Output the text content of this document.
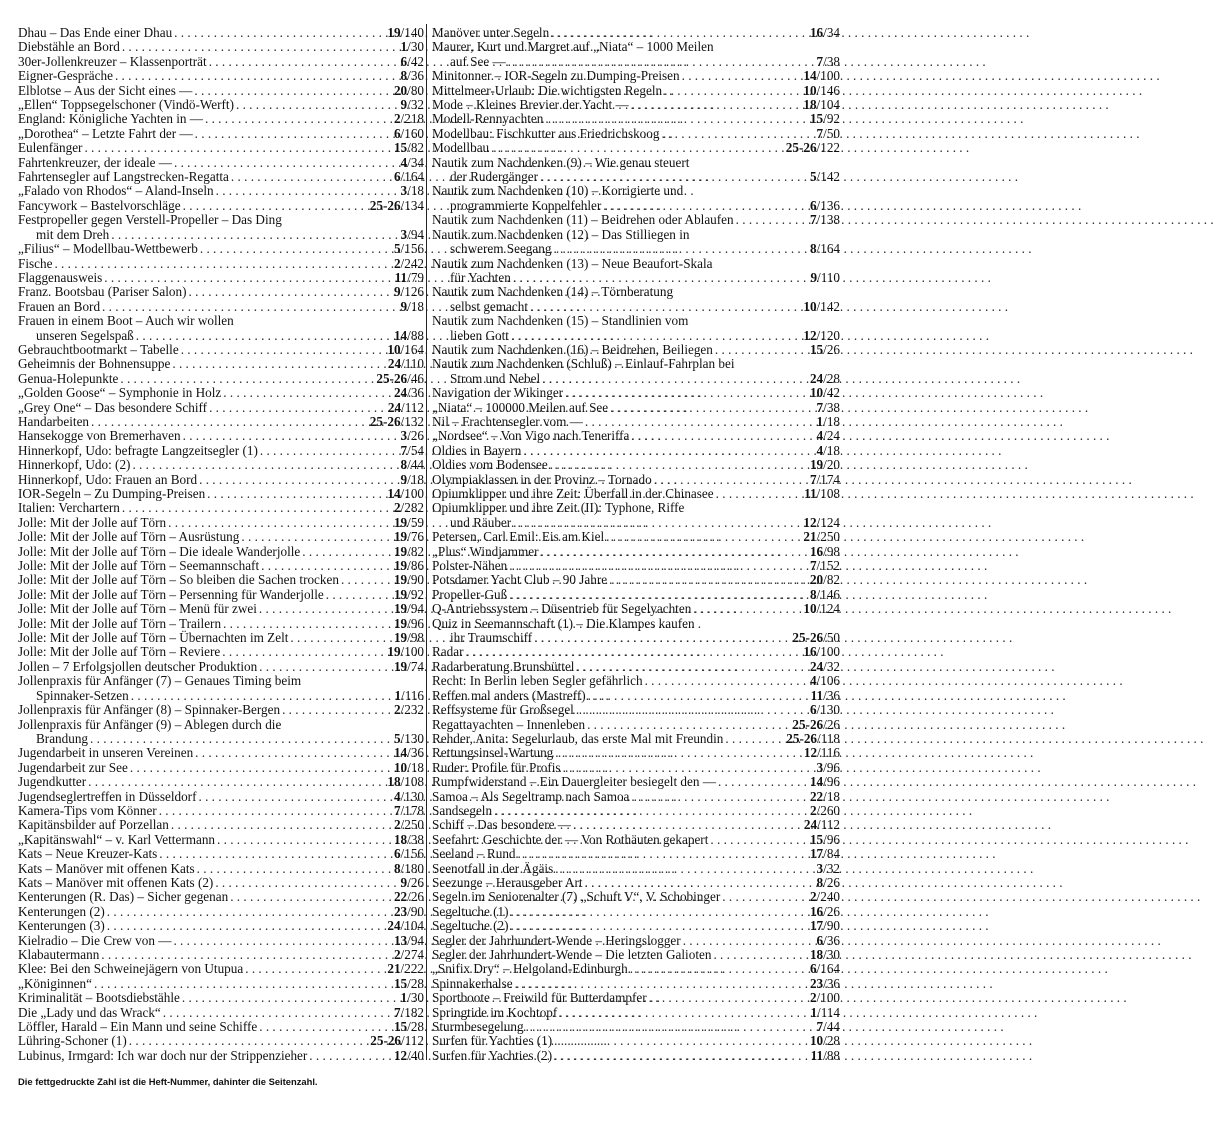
Dhau – Das Ende einer Dhau . . .	19/140
Diebstähle an Bord . . .	1/30
30er-Jollenkreuzer – Klassenporträt . . .	6/42
Eigner-Gespräche . . .	8/36
Elblotse – Aus der Sicht eines –– . . .	20/80
„Ellen“ Toppsegelschoner (Vindö-Werft) . . .	9/32
England: Königliche Yachten in –– . . .	2/218
„Dorothea“ – Letzte Fahrt der –– . . .	6/160
Eulenfänger . . .	15/82
Fahrtenkreuzer, der ideale –– . . .	4/34
Fahrtensegler auf Langstrecken-Regatta . . .	6/164
„Falado von Rhodos“ – Aland-Inseln . . .	3/18
Fancywork – Bastelvorschläge . . .	25-26/134
Festpropeller gegen Verstell-Propeller – Das Ding
mit dem Dreh . . .	3/94
„Filius“ – Modellbau-Wettbewerb . . .	5/156
Fische . . .	2/242
Flaggenausweis . . .	11/79
Franz. Bootsbau (Pariser Salon) . . .	9/126
Frauen an Bord . . .	9/18
Frauen in einem Boot – Auch wir wollen
unseren Segelspaß . . .	14/88
Gebrauchtbootmarkt – Tabelle . . .	10/164
Geheimnis der Bohnensuppe . . .	24/110
Genua-Holepunkte . . .	25-26/46
„Golden Goose“ – Symphonie in Holz . . .	24/36
„Grey One“ – Das besondere Schiff . . .	24/112
Handarbeiten . . .	25-26/132
Hansekogge von Bremerhaven . . .	3/26
Hinnerkopf, Udo: befragte Langzeitsegler (1) . . .	7/54
Hinnerkopf, Udo: (2) . . .	8/44
Hinnerkopf, Udo: Frauen an Bord . . .	9/18
IOR-Segeln – Zu Dumping-Preisen . . .	14/100
Italien: Verchartern . . .	2/282
Jolle: Mit der Jolle auf Törn . . .	19/59
Jolle: Mit der Jolle auf Törn – Ausrüstung . . .	19/76
Jolle: Mit der Jolle auf Törn – Die ideale Wanderjolle . . .	19/82
Jolle: Mit der Jolle auf Törn – Seemannschaft . . .	19/86
Jolle: Mit der Jolle auf Törn – So bleiben die Sachen trocken . . .	19/90
Jolle: Mit der Jolle auf Törn – Persenning für Wanderjolle . . .	19/92
Jolle: Mit der Jolle auf Törn – Menü für zwei . . .	19/94
Jolle: Mit der Jolle auf Törn – Trailern . . .	19/96
Jolle: Mit der Jolle auf Törn – Übernachten im Zelt . . .	19/98
Jolle: Mit der Jolle auf Törn – Reviere . . .	19/100
Jollen – 7 Erfolgsjollen deutscher Produktion . . .	19/74
Jollenpraxis für Anfänger (7) – Genaues Timing beim
Spinnaker-Setzen . . .	1/116
Jollenpraxis für Anfänger (8) – Spinnaker-Bergen . . .	2/232
Jollenpraxis für Anfänger (9) – Ablegen durch die
Brandung . . .	5/130
Jugendarbeit in unseren Vereinen . . .	14/36
Jugendarbeit zur See . . .	10/18
Jugendkutter . . .	18/108
Jugendseglertreffen in Düsseldorf . . .	4/130
Kamera-Tips vom Könner . . .	7/178
Kapitänsbilder auf Porzellan . . .	2/250
„Kapitänswahl“ – v. Karl Vettermann . . .	18/38
Kats – Neue Kreuzer-Kats . . .	6/156
Kats – Manöver mit offenen Kats . . .	8/180
Kats – Manöver mit offenen Kats (2) . . .	9/26
Kenterungen (R. Das) – Sicher gegenan . . .	22/26
Kenterungen (2) . . .	23/90
Kenterungen (3) . . .	24/104
Kielradio – Die Crew von –– . . .	13/94
Klabautermann . . .	2/274
Klee: Bei den Schweinejägern von Utupua . . .	21/222
„Königinnen“ . . .	15/28
Kriminalität – Bootsdiebstähle . . .	1/30
Die „Lady und das Wrack“ . . .	7/182
Löffler, Harald – Ein Mann und seine Schiffe . . .	15/28
Lühring-Schoner (1) . . .	25-26/112
Lubinus, Irmgard: Ich war doch nur der Strippenzieher . . .	12/40
Manöver unter Segeln . . .	16/34
Maurer, Kurt und Margret auf „Niata“ – 1000 Meilen
auf See –– . . .	7/38
Minitonner – IOR-Segeln zu Dumping-Preisen . . .	14/100
Mittelmeer-Urlaub: Die wichtigsten Regeln . . .	10/146
Mode – Kleines Brevier der Yacht –– . . .	18/104
Modell-Rennyachten . . .	15/92
Modellbau: Fischkutter aus Friedrichskoog . . .	7/50
Modellbau . . .	25-26/122
Nautik zum Nachdenken (9) – Wie genau steuert
der Rudergänger . . .	5/142
Nautik zum Nachdenken (10) – Korrigierte und
programmierte Koppelfehler . . .	6/136
Nautik zum Nachdenken (11) – Beidrehen oder Ablaufen . . .	7/138
Nautik zum Nachdenken (12) – Das Stilliegen in
schwerem Seegang . . .	8/164
Nautik zum Nachdenken (13) – Neue Beaufort-Skala
für Yachten . . .	9/110
Nautik zum Nachdenken (14) – Törnberatung
selbst gemacht . . .	10/142
Nautik zum Nachdenken (15) – Standlinien vom
lieben Gott . . .	12/120
Nautik zum Nachdenken (16) – Beidrehen, Beiliegen . . .	15/26
Nautik zum Nachdenken (Schluß) – Einlauf-Fahrplan bei
Strom und Nebel . . .	24/28
Navigation der Wikinger . . .	10/42
„Niata“ – 100000 Meilen auf See . . .	7/38
Nil – Frachtensegler vom –– . . .	1/18
„Nordsee“ – Von Vigo nach Teneriffa . . .	4/24
Oldies in Bayern . . .	4/18
Oldies vom Bodensee . . .	19/20
Olympiaklassen in der Provinz – Tornado . . .	7/174
Opiumklipper und ihre Zeit: Überfall in der Chinasee . . .	11/108
Opiumklipper und ihre Zeit (II): Typhone, Riffe
und Räuber . . .	12/124
Petersen, Carl Emil: Eis am Kiel . . .	21/250
„Plus“ Windjammer . . .	16/98
Polster-Nähen . . .	7/152
Potsdamer Yacht Club – 90 Jahre . . .	20/82
Propeller-Guß . . .	8/146
Q-Antriebssystem – Düsentrieb für Segelyachten . . .	10/124
Quiz in Seemannschaft (1) – Die Klampes kaufen
ihr Traumschiff . . .	25-26/50
Radar . . .	16/100
Radarberatung Brunsbüttel . . .	24/32
Recht: In Berlin leben Segler gefährlich . . .	4/106
Reffen mal anders (Mastreff) . . .	11/36
Reffsysteme für Großsegel . . .	6/130
Regattayachten – Innenleben . . .	25-26/26
Rehder, Anita: Segelurlaub, das erste Mal mit Freundin . . .	25-26/118
Rettungsinsel-Wartung . . .	12/116
Ruder: Profile für Profis . . .	3/96
Rumpfwiderstand – Ein Dauergleiter besiegelt den –– . . .	14/96
Samoa – Als Segeltramp nach Samoa . . .	22/18
Sandsegeln . . .	2/260
Schiff – Das besondere –– . . .	24/112
Seefahrt: Geschichte der –– Von Rothäuten gekapert . . .	15/96
Seeland – Rund . . .	17/84
Seenotfall in der Ägäis . . .	3/32
Seezunge – Herausgeber Art . . .	8/26
Segeln im Seniorenalter (7) „Schuft V“, V. Schobinger . . .	2/240
Segeltuche (1) . . .	16/26
Segeltuche (2) . . .	17/90
Segler der Jahrhundert-Wende – Heringslogger . . .	6/36
Segler der Jahrhundert-Wende – Die letzten Galioten . . .	18/30
„Snifix Dry“ – Helgoland-Edinburgh . . .	6/164
Spinnakerhalse . . .	23/36
Sportboote – Freiwild für Butterdampfer . . .	2/100
Springtide im Kochtopf . . .	1/114
Sturmbesegelung . . .	7/44
Surfen für Yachties (1) . . .	10/28
Surfen für Yachties (2) . . .	11/88
Die fettgedruckte Zahl ist die Heft-Nummer, dahinter die Seitenzahl.
